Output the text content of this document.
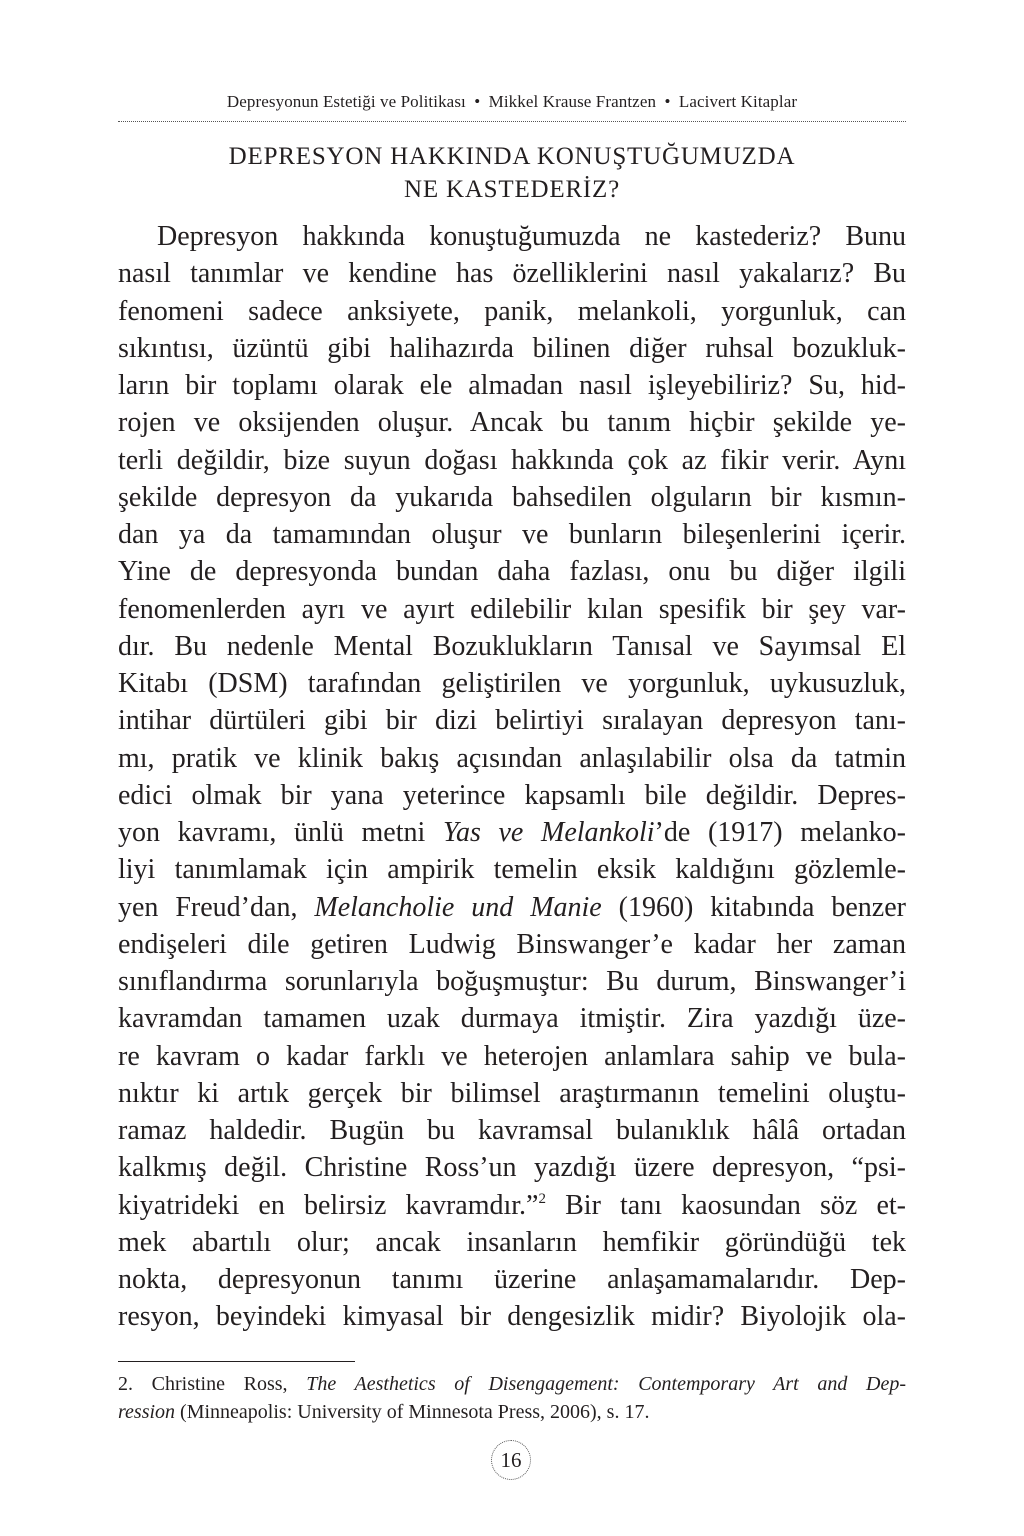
Depresyonun Estetiği ve Politikası • Mikkel Krause Frantzen • Lacivert Kitaplar
DEPRESYON HAKKINDA KONUŞTUĞUMUZDA
NE KASTEDERİZ?
Depresyon hakkında konuştuğumuzda ne kastederiz? Bunu
nasıl tanımlar ve kendine has özelliklerini nasıl yakalarız? Bu
fenomeni sadece anksiyete, panik, melankoli, yorgunluk, can
sıkıntısı, üzüntü gibi halihazırda bilinen diğer ruhsal bozukluk-
ların bir toplamı olarak ele almadan nasıl işleyebiliriz? Su, hid-
rojen ve oksijenden oluşur. Ancak bu tanım hiçbir şekilde ye-
terli değildir, bize suyun doğası hakkında çok az fikir verir. Aynı
şekilde depresyon da yukarıda bahsedilen olguların bir kısmın-
dan ya da tamamından oluşur ve bunların bileşenlerini içerir.
Yine de depresyonda bundan daha fazlası, onu bu diğer ilgili
fenomenlerden ayrı ve ayırt edilebilir kılan spesifik bir şey var-
dır. Bu nedenle Mental Bozuklukların Tanısal ve Sayımsal El
Kitabı (DSM) tarafından geliştirilen ve yorgunluk, uykusuzluk,
intihar dürtüleri gibi bir dizi belirtiyi sıralayan depresyon tanı-
mı, pratik ve klinik bakış açısından anlaşılabilir olsa da tatmin
edici olmak bir yana yeterince kapsamlı bile değildir. Depres-
yon kavramı, ünlü metni Yas ve Melankoli’de (1917) melanko-
liyi tanımlamak için ampirik temelin eksik kaldığını gözlemle-
yen Freud’dan, Melancholie und Manie (1960) kitabında benzer
endişeleri dile getiren Ludwig Binswanger’e kadar her zaman
sınıflandırma sorunlarıyla boğuşmuştur: Bu durum, Binswanger’i
kavramdan tamamen uzak durmaya itmiştir. Zira yazdığı üze-
re kavram o kadar farklı ve heterojen anlamlara sahip ve bula-
nıktır ki artık gerçek bir bilimsel araştırmanın temelini oluştu-
ramaz haldedir. Bugün bu kavramsal bulanıklık hâlâ ortadan
kalkmış değil. Christine Ross’un yazdığı üzere depresyon, “psi-
kiyatrideki en belirsiz kavramdır.”$^2$ Bir tanı kaosundan söz et-
mek abartılı olur; ancak insanların hemfikir göründüğü tek
nokta, depresyonun tanımı üzerine anlaşamamalarıdır. Dep-
resyon, beyindeki kimyasal bir dengesizlik midir? Biyolojik ola-
2. Christine Ross, The Aesthetics of Disengagement: Contemporary Art and Dep-
ression (Minneapolis: University of Minnesota Press, 2006), s. 17.
16
